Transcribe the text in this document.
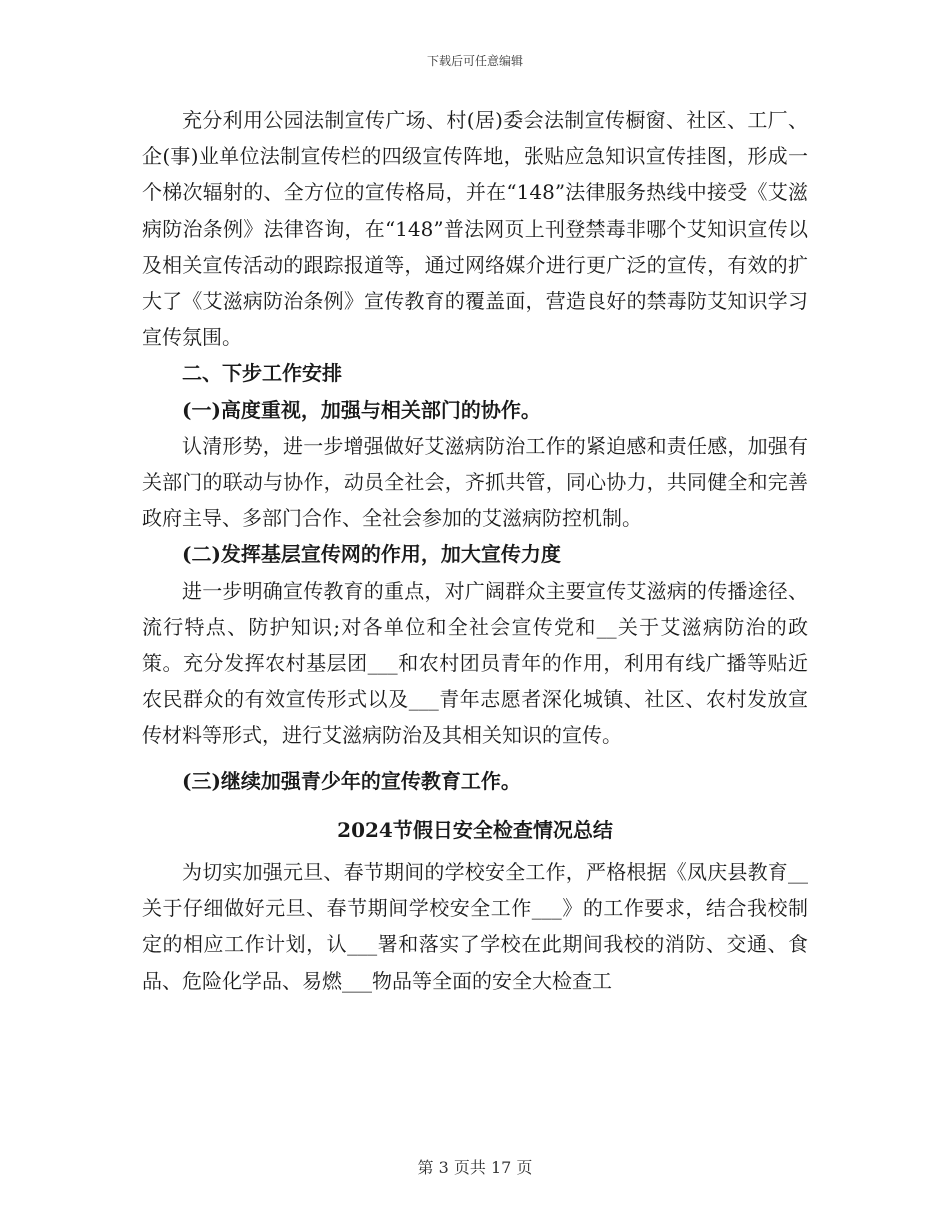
下载后可任意编辑

充分利用公园法制宣传广场、村(居)委会法制宣传橱窗、社区、工厂、企(事)业单位法制宣传栏的四级宣传阵地，张贴应急知识宣传挂图，形成一个梯次辐射的、全方位的宣传格局，并在“148”法律服务热线中接受《艾滋病防治条例》法律咨询，在“148”普法网页上刊登禁毒非哪个艾知识宣传以及相关宣传活动的跟踪报道等，通过网络媒介进行更广泛的宣传，有效的扩大了《艾滋病防治条例》宣传教育的覆盖面，营造良好的禁毒防艾知识学习宣传氛围。

二、下步工作安排

(一)高度重视，加强与相关部门的协作。

认清形势，进一步增强做好艾滋病防治工作的紧迫感和责任感，加强有关部门的联动与协作，动员全社会，齐抓共管，同心协力，共同健全和完善政府主导、多部门合作、全社会参加的艾滋病防控机制。

(二)发挥基层宣传网的作用，加大宣传力度

进一步明确宣传教育的重点，对广阔群众主要宣传艾滋病的传播途径、流行特点、防护知识;对各单位和全社会宣传党和__关于艾滋病防治的政策。充分发挥农村基层团___和农村团员青年的作用，利用有线广播等贴近农民群众的有效宣传形式以及___青年志愿者深化城镇、社区、农村发放宣传材料等形式，进行艾滋病防治及其相关知识的宣传。

(三)继续加强青少年的宣传教育工作。

2024节假日安全检查情况总结

为切实加强元旦、春节期间的学校安全工作，严格根据《凤庆县教育__关于仔细做好元旦、春节期间学校安全工作___》的工作要求，结合我校制定的相应工作计划，认___署和落实了学校在此期间我校的消防、交通、食品、危险化学品、易燃___物品等全面的安全大检查工

第 3 页共 17 页
